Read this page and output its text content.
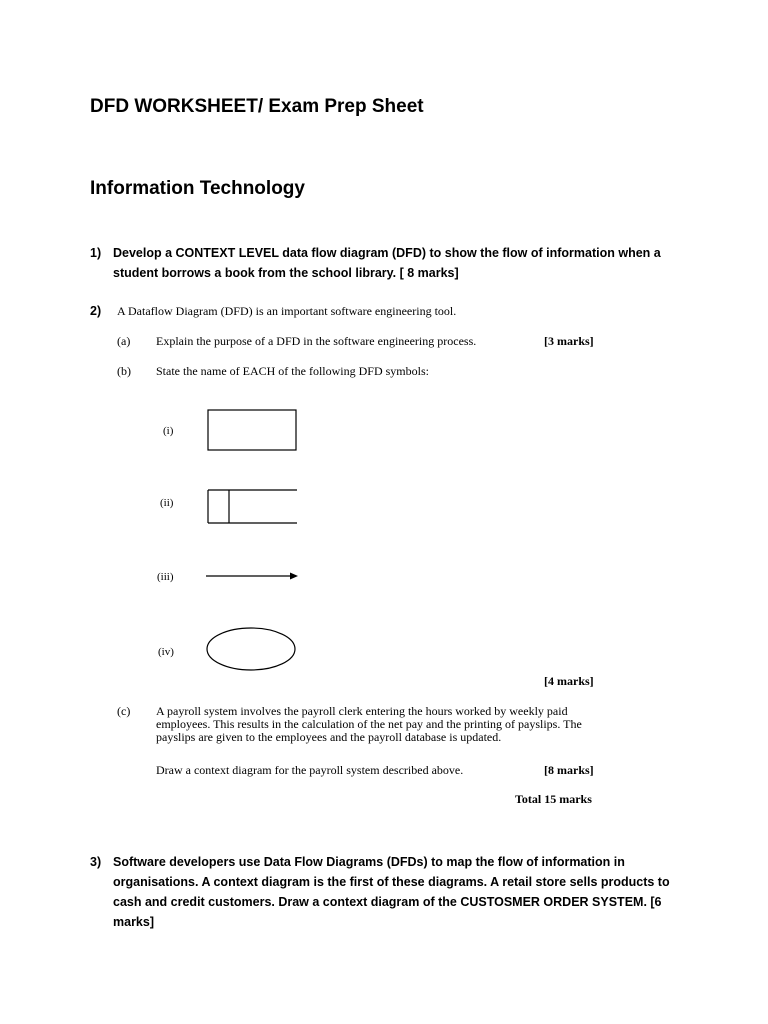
DFD WORKSHEET/ Exam Prep Sheet
Information Technology
1) Develop a CONTEXT LEVEL data flow diagram (DFD) to show the flow of information when a student borrows a book from the school library. [ 8 marks]
2) A Dataflow Diagram (DFD) is an important software engineering tool.
(a) Explain the purpose of a DFD in the software engineering process.	[3 marks]
(b) State the name of EACH of the following DFD symbols:
(i)
(ii)
(iii)
(iv)
[4 marks]
(c) A payroll system involves the payroll clerk entering the hours worked by weekly paid employees. This results in the calculation of the net pay and the printing of payslips. The payslips are given to the employees and the payroll database is updated.
Draw a context diagram for the payroll system described above.	[8 marks]
Total 15 marks
3) Software developers use Data Flow Diagrams (DFDs) to map the flow of information in organisations. A context diagram is the first of these diagrams. A retail store sells products to cash and credit customers. Draw a context diagram of the CUSTOSMER ORDER SYSTEM. [6 marks]
